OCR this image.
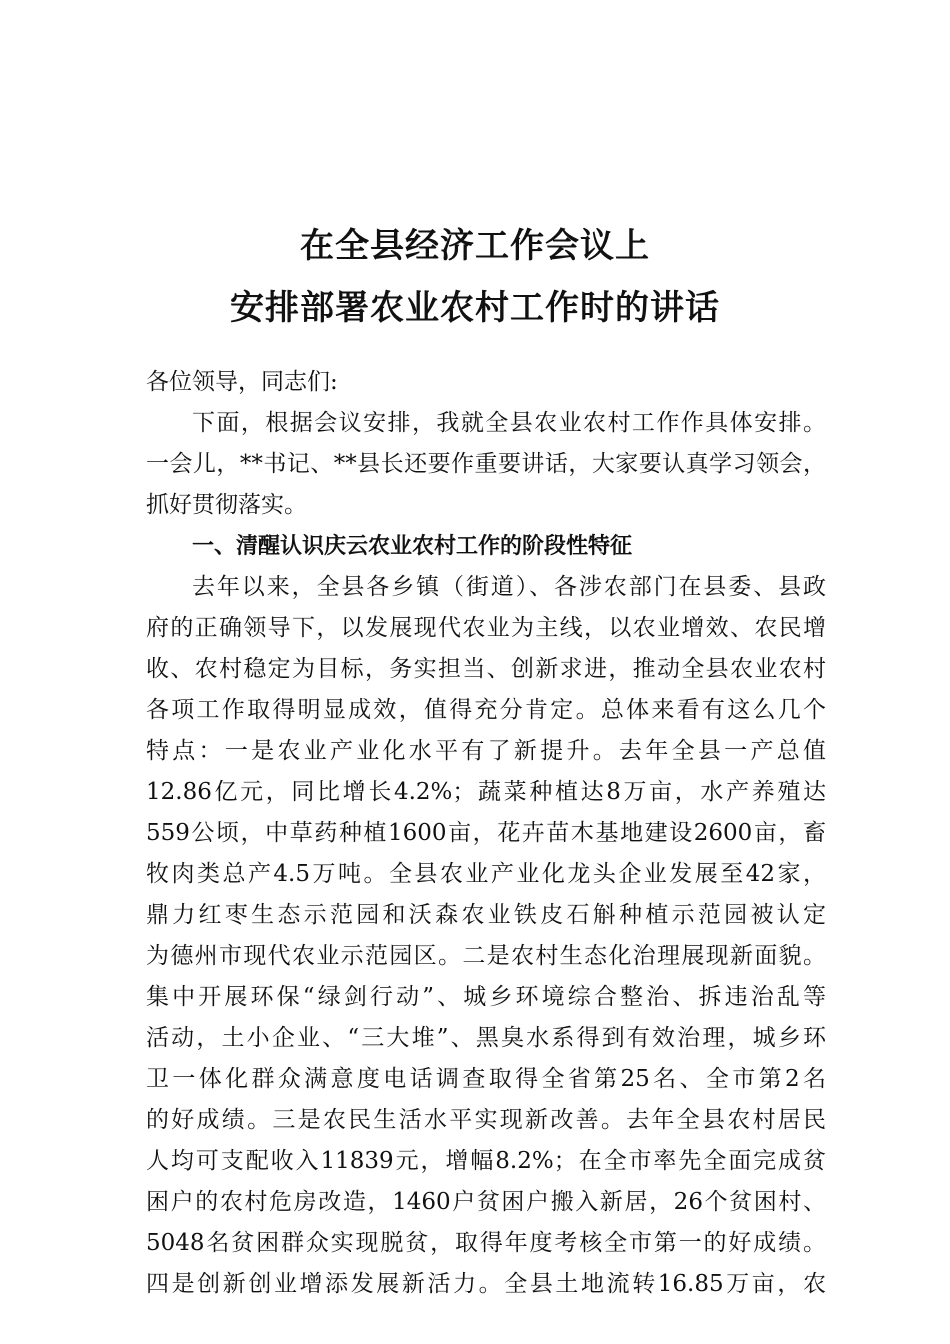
在全县经济工作会议上
安排部署农业农村工作时的讲话

各位领导，同志们:

下面，根据会议安排，我就全县农业农村工作作具体安排。
一会儿，**书记、**县长还要作重要讲话，大家要认真学习领会，
抓好贯彻落实。

一、清醒认识庆云农业农村工作的阶段性特征

去年以来，全县各乡镇（街道）、各涉农部门在县委、县政
府的正确领导下，以发展现代农业为主线，以农业增效、农民增
收、农村稳定为目标，务实担当、创新求进，推动全县农业农村
各项工作取得明显成效，值得充分肯定。总体来看有这么几个
特点：一是农业产业化水平有了新提升。去年全县一产总值
12.86亿元，同比增长4.2%；蔬菜种植达8万亩，水产养殖达
559公顷，中草药种植1600亩，花卉苗木基地建设2600亩，畜
牧肉类总产4.5万吨。全县农业产业化龙头企业发展至42家，
鼎力红枣生态示范园和沃森农业铁皮石斛种植示范园被认定
为德州市现代农业示范园区。二是农村生态化治理展现新面貌。
集中开展环保“绿剑行动”、城乡环境综合整治、拆违治乱等
活动，土小企业、“三大堆”、黑臭水系得到有效治理，城乡环
卫一体化群众满意度电话调查取得全省第25名、全市第2名
的好成绩。三是农民生活水平实现新改善。去年全县农村居民
人均可支配收入11839元，增幅8.2%；在全市率先全面完成贫
困户的农村危房改造，1460户贫困户搬入新居，26个贫困村、
5048名贫困群众实现脱贫，取得年度考核全市第一的好成绩。
四是创新创业增添发展新活力。全县土地流转16.85万亩，农
